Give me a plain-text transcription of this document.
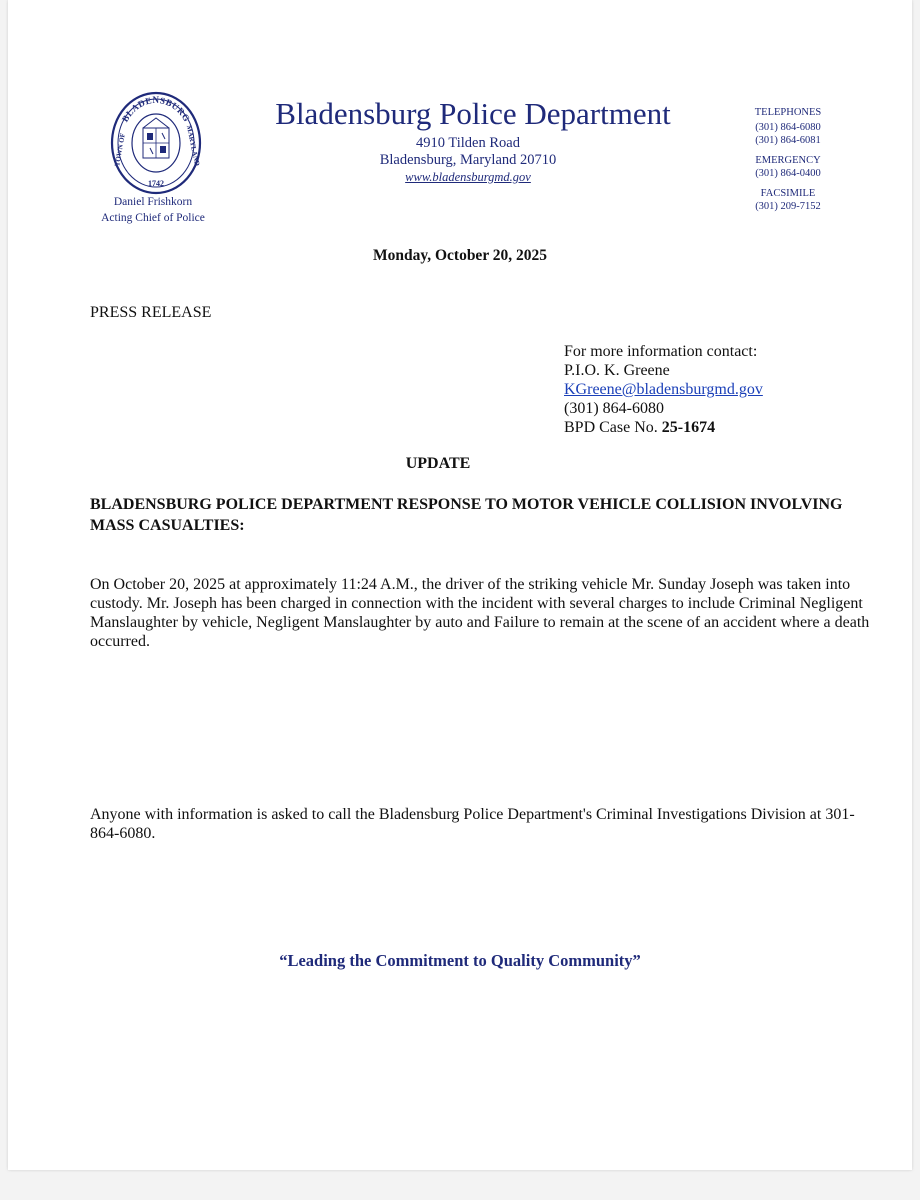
BLADENSBURG
TOWN OF	MARYLAND
1742
Daniel Frishkorn
Acting Chief of Police
Bladensburg Police Department
4910 Tilden Road
Bladensburg, Maryland 20710
www.bladensburgmd.gov
TELEPHONES
(301) 864-6080
(301) 864-6081
EMERGENCY
(301) 864-0400
FACSIMILE
(301) 209-7152
Monday, October 20, 2025
PRESS RELEASE
For more information contact:
P.I.O. K. Greene
KGreene@bladensburgmd.gov
(301) 864-6080
BPD Case No. 25-1674
UPDATE
BLADENSBURG POLICE DEPARTMENT RESPONSE TO MOTOR VEHICLE COLLISION INVOLVING MASS CASUALTIES:
On October 20, 2025 at approximately 11:24 A.M., the driver of the striking vehicle Mr. Sunday Joseph was taken into custody. Mr. Joseph has been charged in connection with the incident with several charges to include Criminal Negligent Manslaughter by vehicle, Negligent Manslaughter by auto and Failure to remain at the scene of an accident where a death occurred.
Anyone with information is asked to call the Bladensburg Police Department's Criminal Investigations Division at 301-864-6080.
“Leading the Commitment to Quality Community”
